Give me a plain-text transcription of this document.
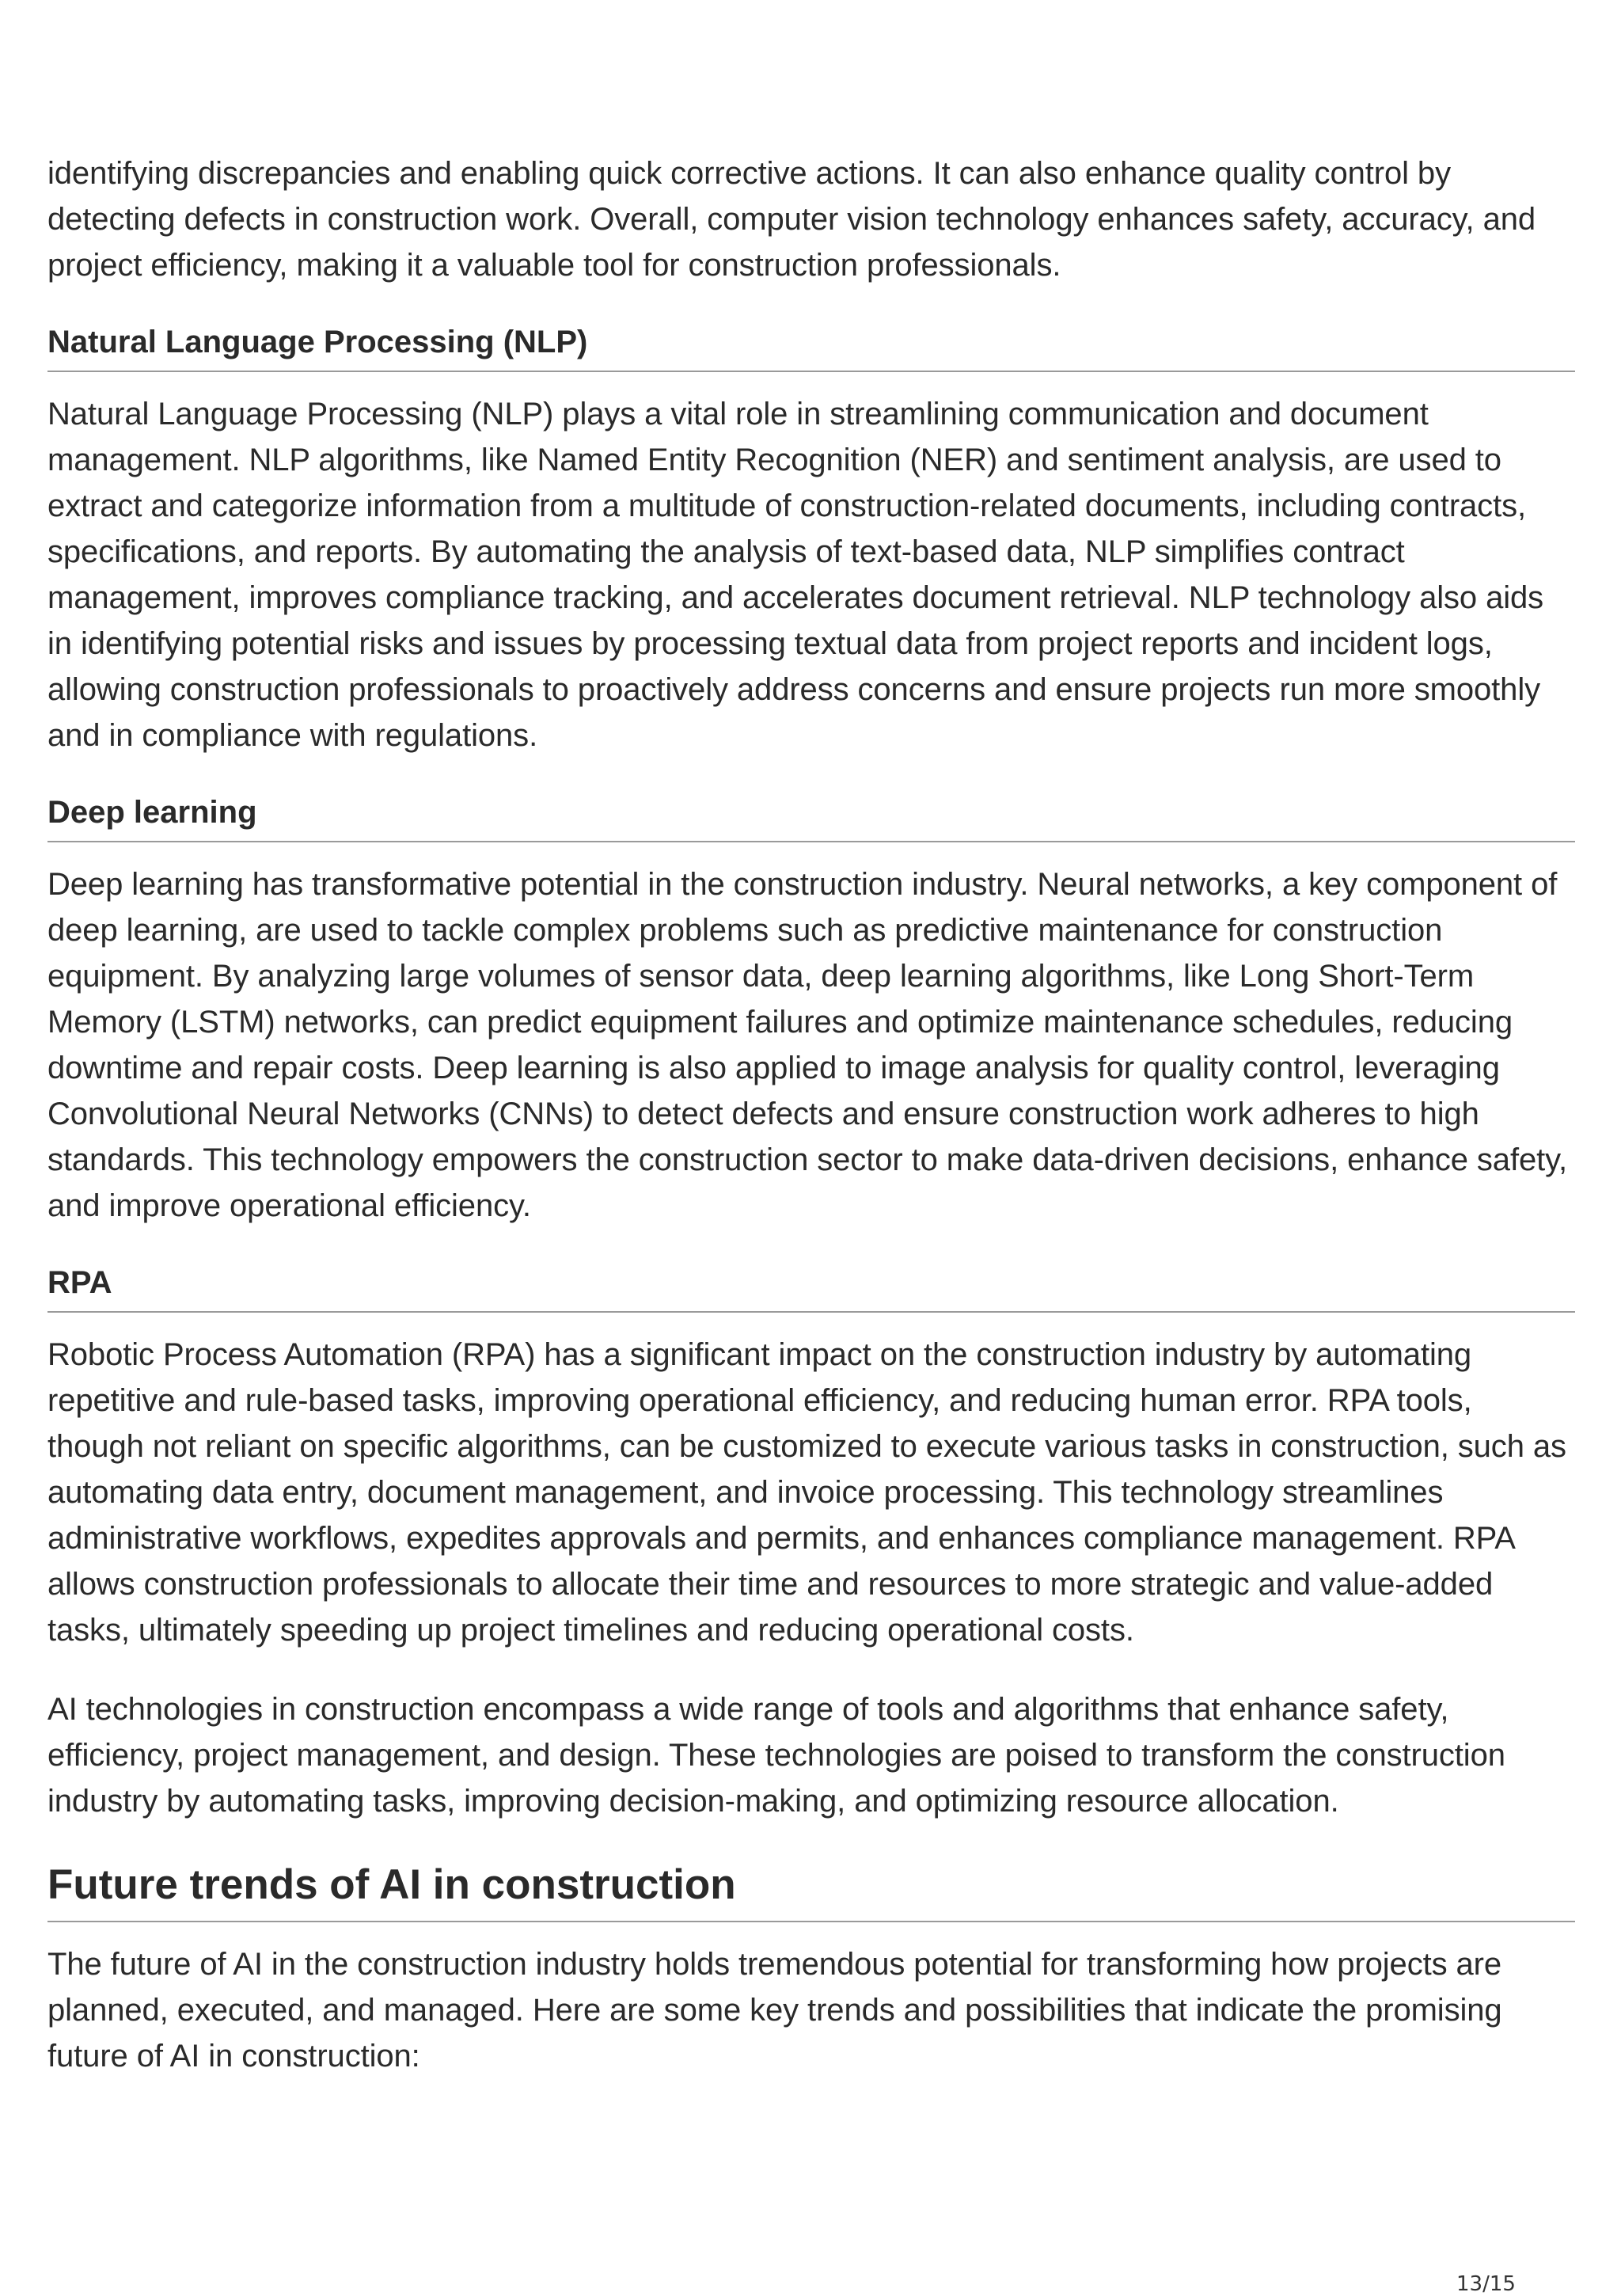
identifying discrepancies and enabling quick corrective actions. It can also enhance quality control by detecting defects in construction work. Overall, computer vision technology enhances safety, accuracy, and project efficiency, making it a valuable tool for construction professionals.

Natural Language Processing (NLP)

Natural Language Processing (NLP) plays a vital role in streamlining communication and document management. NLP algorithms, like Named Entity Recognition (NER) and sentiment analysis, are used to extract and categorize information from a multitude of construction-related documents, including contracts, specifications, and reports. By automating the analysis of text-based data, NLP simplifies contract management, improves compliance tracking, and accelerates document retrieval. NLP technology also aids in identifying potential risks and issues by processing textual data from project reports and incident logs, allowing construction professionals to proactively address concerns and ensure projects run more smoothly and in compliance with regulations.

Deep learning

Deep learning has transformative potential in the construction industry. Neural networks, a key component of deep learning, are used to tackle complex problems such as predictive maintenance for construction equipment. By analyzing large volumes of sensor data, deep learning algorithms, like Long Short-Term Memory (LSTM) networks, can predict equipment failures and optimize maintenance schedules, reducing downtime and repair costs. Deep learning is also applied to image analysis for quality control, leveraging Convolutional Neural Networks (CNNs) to detect defects and ensure construction work adheres to high standards. This technology empowers the construction sector to make data-driven decisions, enhance safety, and improve operational efficiency.

RPA

Robotic Process Automation (RPA) has a significant impact on the construction industry by automating repetitive and rule-based tasks, improving operational efficiency, and reducing human error. RPA tools, though not reliant on specific algorithms, can be customized to execute various tasks in construction, such as automating data entry, document management, and invoice processing. This technology streamlines administrative workflows, expedites approvals and permits, and enhances compliance management. RPA allows construction professionals to allocate their time and resources to more strategic and value-added tasks, ultimately speeding up project timelines and reducing operational costs.

AI technologies in construction encompass a wide range of tools and algorithms that enhance safety, efficiency, project management, and design. These technologies are poised to transform the construction industry by automating tasks, improving decision-making, and optimizing resource allocation.

Future trends of AI in construction

The future of AI in the construction industry holds tremendous potential for transforming how projects are planned, executed, and managed. Here are some key trends and possibilities that indicate the promising future of AI in construction:

13/15
